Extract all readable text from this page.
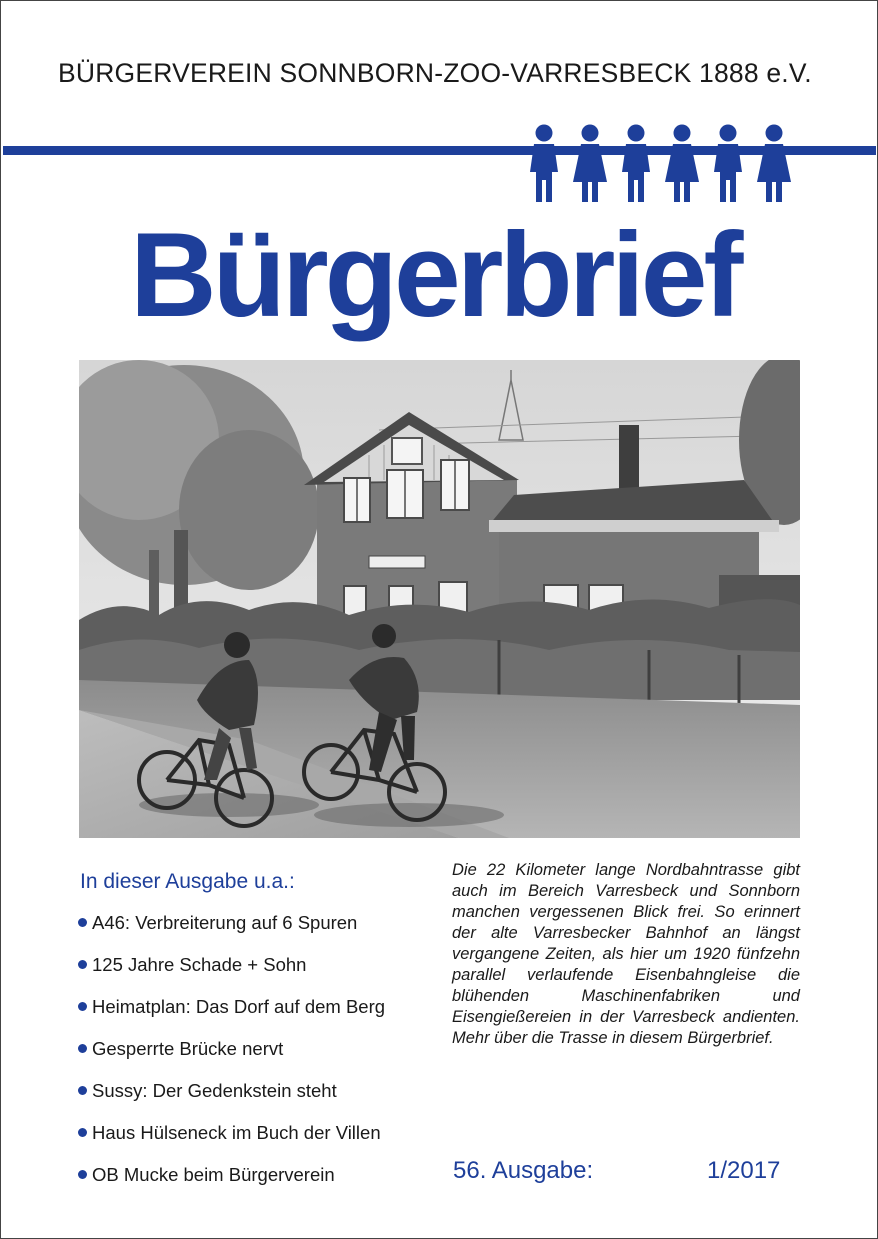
BÜRGERVEREIN SONNBORN-ZOO-VARRESBECK 1888 e.V.
Bürgerbrief
In dieser Ausgabe u.a.:
A46: Verbreiterung auf 6 Spuren
125 Jahre Schade + Sohn
Heimatplan: Das Dorf auf dem Berg
Gesperrte Brücke nervt
Sussy: Der Gedenkstein steht
Haus Hülseneck im Buch der Villen
OB Mucke beim Bürgerverein
Die 22 Kilometer lange Nordbahntrasse gibt auch im Bereich Varresbeck und Sonnborn manchen vergessenen Blick frei. So erinnert der alte Varresbecker Bahnhof an längst vergangene Zeiten, als hier um 1920 fünfzehn parallel verlaufende Eisenbahngleise die blühenden Maschinenfabriken und Eisengießereien in der Varresbeck andienten. Mehr über die Trasse in diesem Bürgerbrief.
56. Ausgabe:	1/2017
